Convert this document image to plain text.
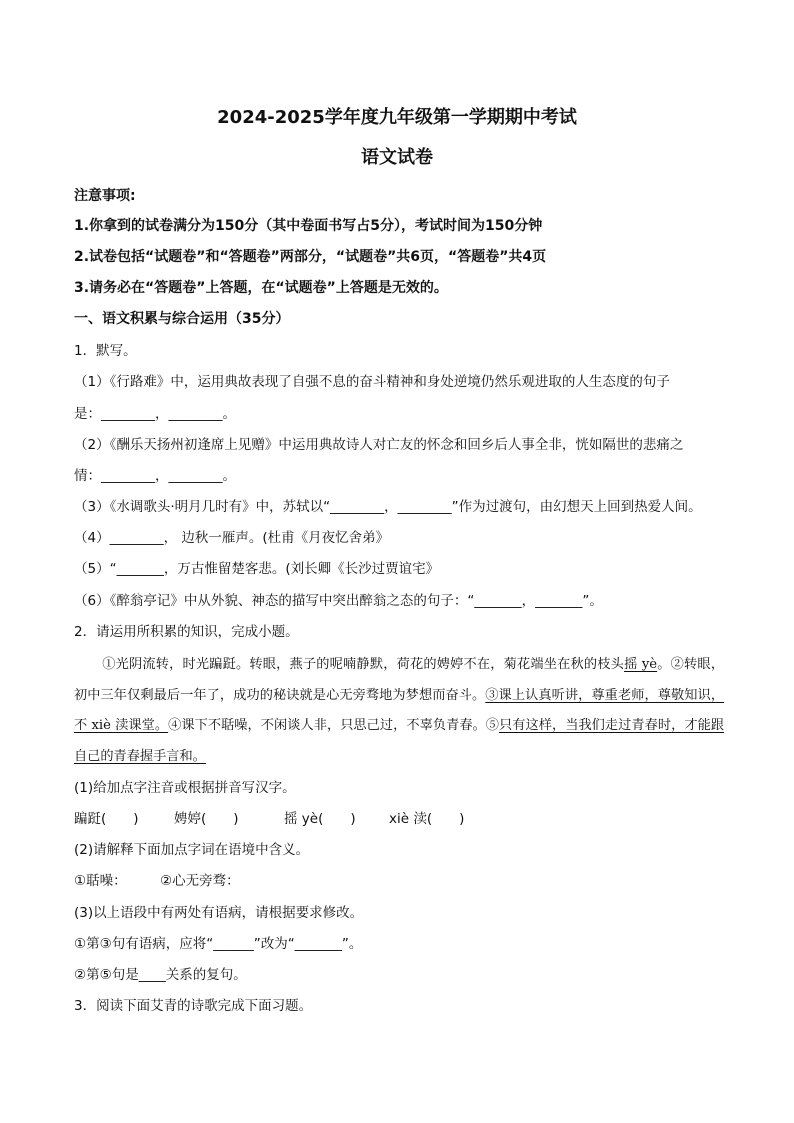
2024-2025学年度九年级第一学期期中考试
语文试卷
注意事项:
1.你拿到的试卷满分为150分（其中卷面书写占5分），考试时间为150分钟
2.试卷包括“试题卷”和“答题卷”两部分，“试题卷”共6页，“答题卷”共4页
3.请务必在“答题卷”上答题，在“试题卷”上答题是无效的。
一、语文积累与综合运用（35分）
1．默写。
（1）《行路难》中，运用典故表现了自强不息的奋斗精神和身处逆境仍然乐观进取的人生态度的句子
是：________，________。
（2）《酬乐天扬州初逢席上见赠》中运用典故诗人对亡友的怀念和回乡后人事全非，恍如隔世的悲痛之
情：________，________。
（3）《水调歌头·明月几时有》中，苏轼以“________，________”作为过渡句，由幻想天上回到热爱人间。
（4）________， 边秋一雁声。(杜甫《月夜忆舍弟》
（5）“_______，万古惟留楚客悲。(刘长卿《长沙过贾谊宅》
（6）《醉翁亭记》中从外貌、神态的描写中突出醉翁之态的句子：“_______，_______”。
2．请运用所积累的知识，完成小题。
①光阴流转，时光蹁跹。转眼，燕子的呢喃静默，荷花的娉婷不在，菊花端坐在秋的枝头摇 yè。②转眼，初中三年仅剩最后一年了，成功的秘诀就是心无旁骛地为梦想而奋斗。③课上认真听讲，尊重老师，尊敬知识，不 xiè 渎课堂。④课下不聒噪，不闲谈人非，只思己过，不辜负青春。⑤只有这样，当我们走过青春时，才能跟自己的青春握手言和。
(1)给加点字注音或根据拼音写汉字。
蹁跹(　　)	娉婷(　　)	摇 yè(　　) xiè 渎(　　)
(2)请解释下面加点字词在语境中含义。
①聒噪： ②心无旁骛：
(3)以上语段中有两处有语病，请根据要求修改。
①第③句有语病，应将“______”改为“_______”。
②第⑤句是____关系的复句。
3．阅读下面艾青的诗歌完成下面习题。
